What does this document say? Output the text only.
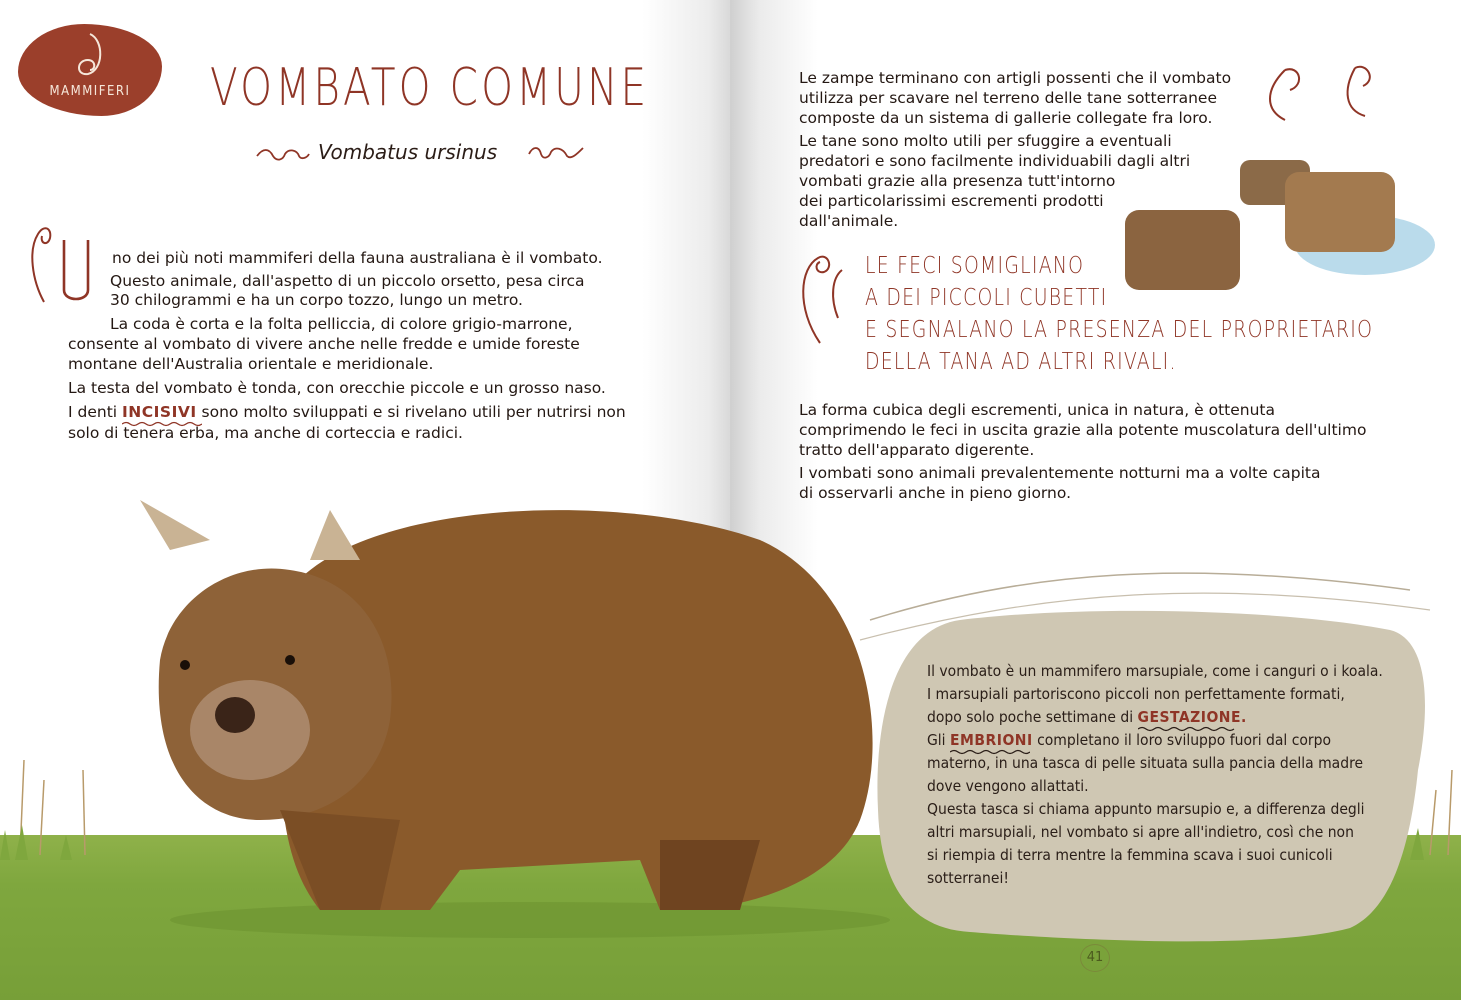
MAMMIFERI	VOMBATO COMUNE
Vombatus ursinus

no dei più noti mammiferi della fauna australiana è il vombato.

Questo animale, dall'aspetto di un piccolo orsetto, pesa circa

30 chilogrammi e ha un corpo tozzo, lungo un metro.

La coda è corta e la folta pelliccia, di colore grigio-marrone,

consente al vombato di vivere anche nelle fredde e umide foreste

montane dell'Australia orientale e meridionale.

La testa del vombato è tonda, con orecchie piccole e un grosso naso.

I denti INCISIVI sono molto sviluppati e si rivelano utili per nutrirsi non

solo di tenera erba, ma anche di corteccia e radici.

Le zampe terminano con artigli possenti che il vombato

utilizza per scavare nel terreno delle tane sotterranee

composte da un sistema di gallerie collegate fra loro.

Le tane sono molto utili per sfuggire a eventuali

predatori e sono facilmente individuabili dagli altri

vombati grazie alla presenza tutt'intorno

dei particolarissimi escrementi prodotti

dall'animale.

LE FECI SOMIGLIANO
A DEI PICCOLI CUBETTI
E SEGNALANO LA PRESENZA DEL PROPRIETARIO
DELLA TANA AD ALTRI RIVALI.

La forma cubica degli escrementi, unica in natura, è ottenuta

comprimendo le feci in uscita grazie alla potente muscolatura dell'ultimo

tratto dell'apparato digerente.

I vombati sono animali prevalentemente notturni ma a volte capita

di osservarli anche in pieno giorno.

Il vombato è un mammifero marsupiale, come i canguri o i koala.
I marsupiali partoriscono piccoli non perfettamente formati,
dopo solo poche settimane di GESTAZIONE.
Gli EMBRIONI completano il loro sviluppo fuori dal corpo
materno, in una tasca di pelle situata sulla pancia della madre
dove vengono allattati.
Questa tasca si chiama appunto marsupio e, a differenza degli
altri marsupiali, nel vombato si apre all'indietro, così che non
si riempia di terra mentre la femmina scava i suoi cunicoli
sotterranei!
41
